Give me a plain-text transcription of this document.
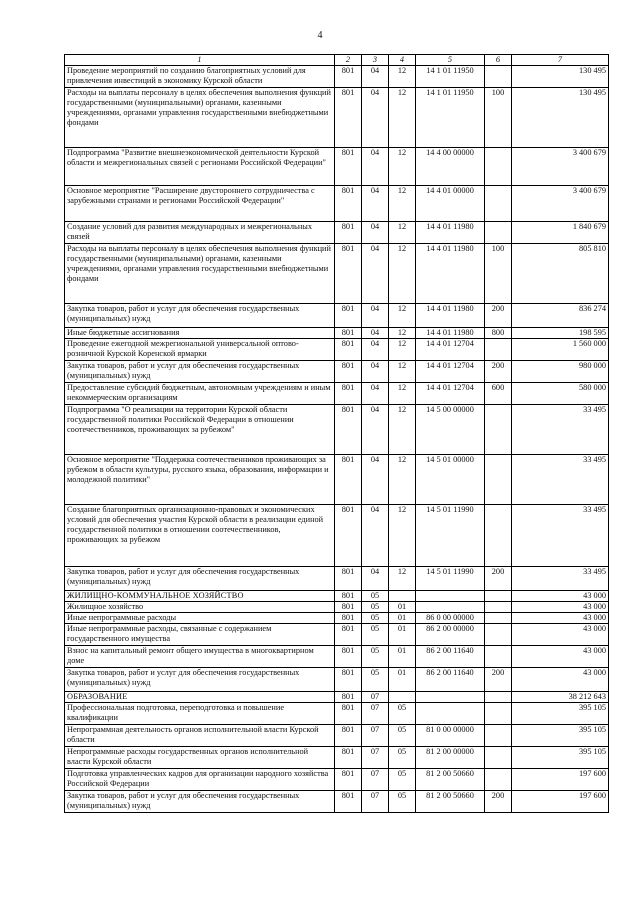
4
1	2	3	4	5	6	7
Проведение мероприятий по созданию благоприятных условий для привлечения инвестиций в экономику Курской области	801	04	12	14 1 01 11950		130 495
Расходы на выплаты персоналу в целях обеспечения выполнения функций государственными (муниципальными) органами, казенными учреждениями, органами управления государственными внебюджетными фондами	801	04	12	14 1 01 11950	100	130 495
Подпрограмма "Развитие внешнеэкономической деятельности Курской области и межрегиональных связей с регионами Российской Федерации"	801	04	12	14 4 00 00000		3 400 679
Основное мероприятие "Расширение двустороннего сотрудничества с зарубежными странами и регионами Российской Федерации"	801	04	12	14 4 01 00000		3 400 679
Создание условий для развития международных и межрегиональных связей	801	04	12	14 4 01 11980		1 840 679
Расходы на выплаты персоналу в целях обеспечения выполнения функций государственными (муниципальными) органами, казенными учреждениями, органами управления государственными внебюджетными фондами	801	04	12	14 4 01 11980	100	805 810
Закупка товаров, работ и услуг для обеспечения государственных (муниципальных) нужд	801	04	12	14 4 01 11980	200	836 274
Иные бюджетные ассигнования	801	04	12	14 4 01 11980	800	198 595
Проведение ежегодной межрегиональной универсальной оптово-розничной Курской Коренской ярмарки	801	04	12	14 4 01 12704		1 560 000
Закупка товаров, работ и услуг для обеспечения государственных (муниципальных) нужд	801	04	12	14 4 01 12704	200	980 000
Предоставление субсидий бюджетным, автономным учреждениям и иным некоммерческим организациям	801	04	12	14 4 01 12704	600	580 000
Подпрограмма "О реализации на территории Курской области государственной политики Российской Федерации в отношении соотечественников, проживающих за рубежом"	801	04	12	14 5 00 00000		33 495
Основное мероприятие "Поддержка соотечественников проживающих за рубежом в области культуры, русского языка, образования, информации и молодежной политики"	801	04	12	14 5 01 00000		33 495
Создание благоприятных организационно-правовых и экономических условий для обеспечения участия Курской области в реализации единой государственной политики в отношении соотечественников, проживающих за рубежом	801	04	12	14 5 01 11990		33 495
Закупка товаров, работ и услуг для обеспечения государственных (муниципальных) нужд	801	04	12	14 5 01 11990	200	33 495
ЖИЛИЩНО-КОММУНАЛЬНОЕ ХОЗЯЙСТВО	801	05				43 000
Жилищное хозяйство	801	05	01			43 000
Иные непрограммные расходы	801	05	01	86 0 00 00000		43 000
Иные непрограммные расходы, связанные с содержанием государственного имущества	801	05	01	86 2 00 00000		43 000
Взнос на капитальный ремонт общего имущества в многоквартирном доме	801	05	01	86 2 00 11640		43 000
Закупка товаров, работ и услуг для обеспечения государственных (муниципальных) нужд	801	05	01	86 2 00 11640	200	43 000
ОБРАЗОВАНИЕ	801	07				38 212 643
Профессиональная подготовка, переподготовка и повышение квалификации	801	07	05			395 105
Непрограммная деятельность органов исполнительной власти Курской области	801	07	05	81 0 00 00000		395 105
Непрограммные расходы государственных органов исполнительной власти Курской области	801	07	05	81 2 00 00000		395 105
Подготовка управленческих кадров для организации народного хозяйства Российской Федерации	801	07	05	81 2 00 50660		197 600
Закупка товаров, работ и услуг для обеспечения государственных (муниципальных) нужд	801	07	05	81 2 00 50660	200	197 600
